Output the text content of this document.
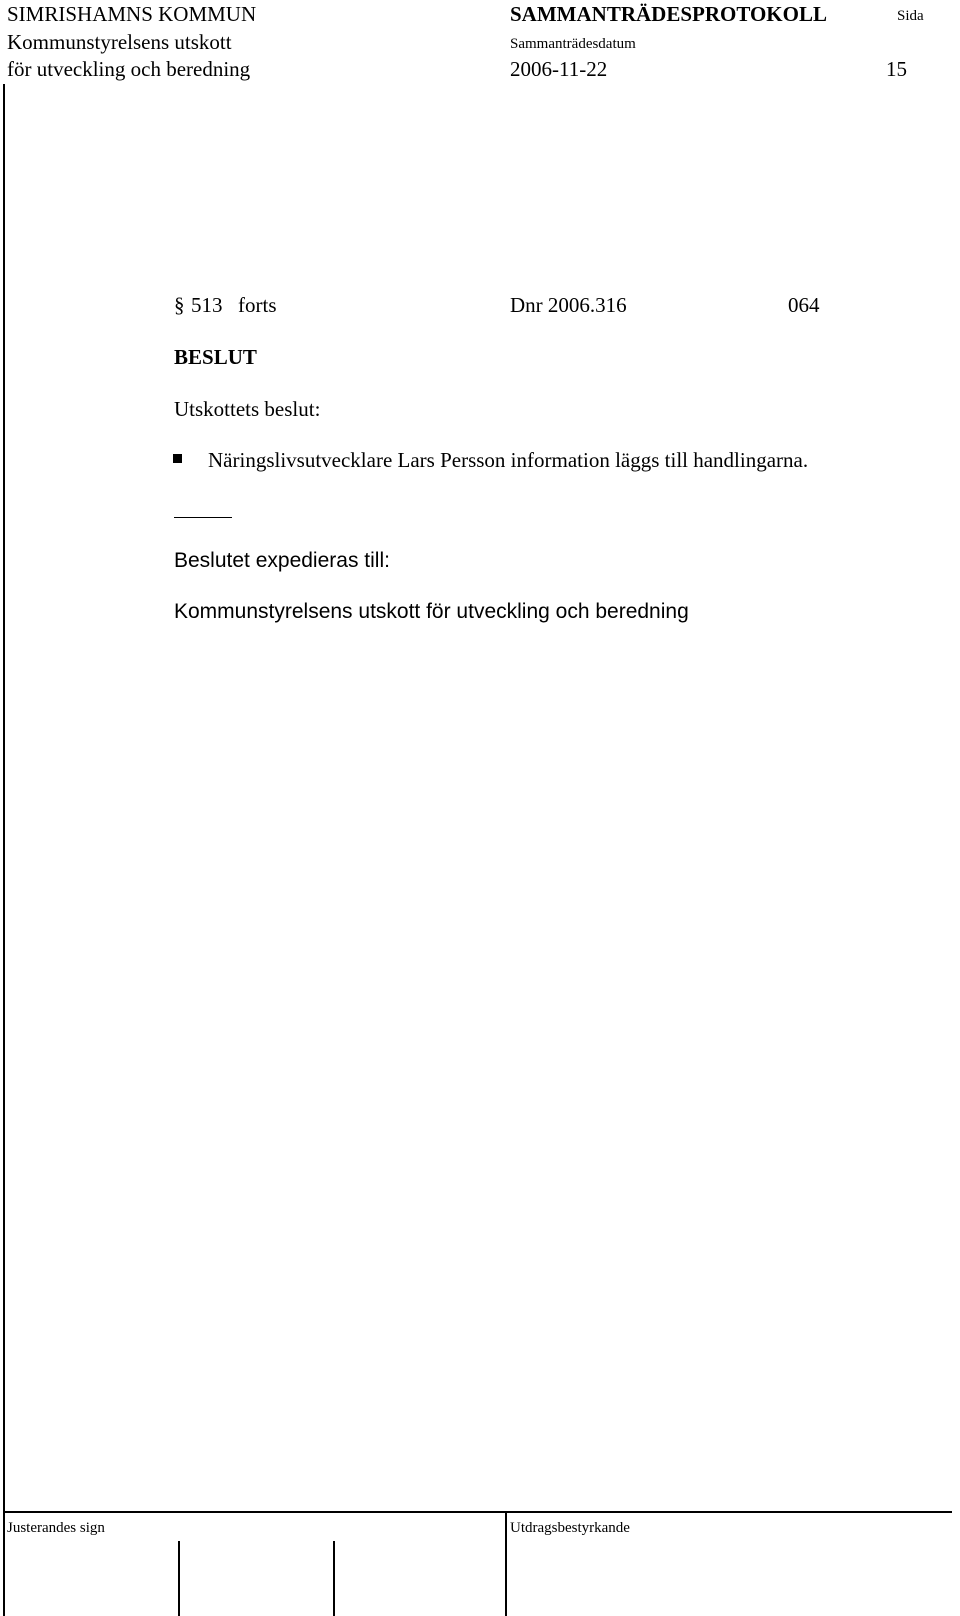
SIMRISHAMNS KOMMUN
Kommunstyrelsens utskott
för utveckling och beredning
SAMMANTRÄDESPROTOKOLL	Sida
Sammanträdesdatum
2006-11-22	15
§ 513 forts	Dnr 2006.316	064
BESLUT
Utskottets beslut:
Näringslivsutvecklare Lars Persson information läggs till handlingarna.
Beslutet expedieras till:
Kommunstyrelsens utskott för utveckling och beredning
Justerandes sign	Utdragsbestyrkande
